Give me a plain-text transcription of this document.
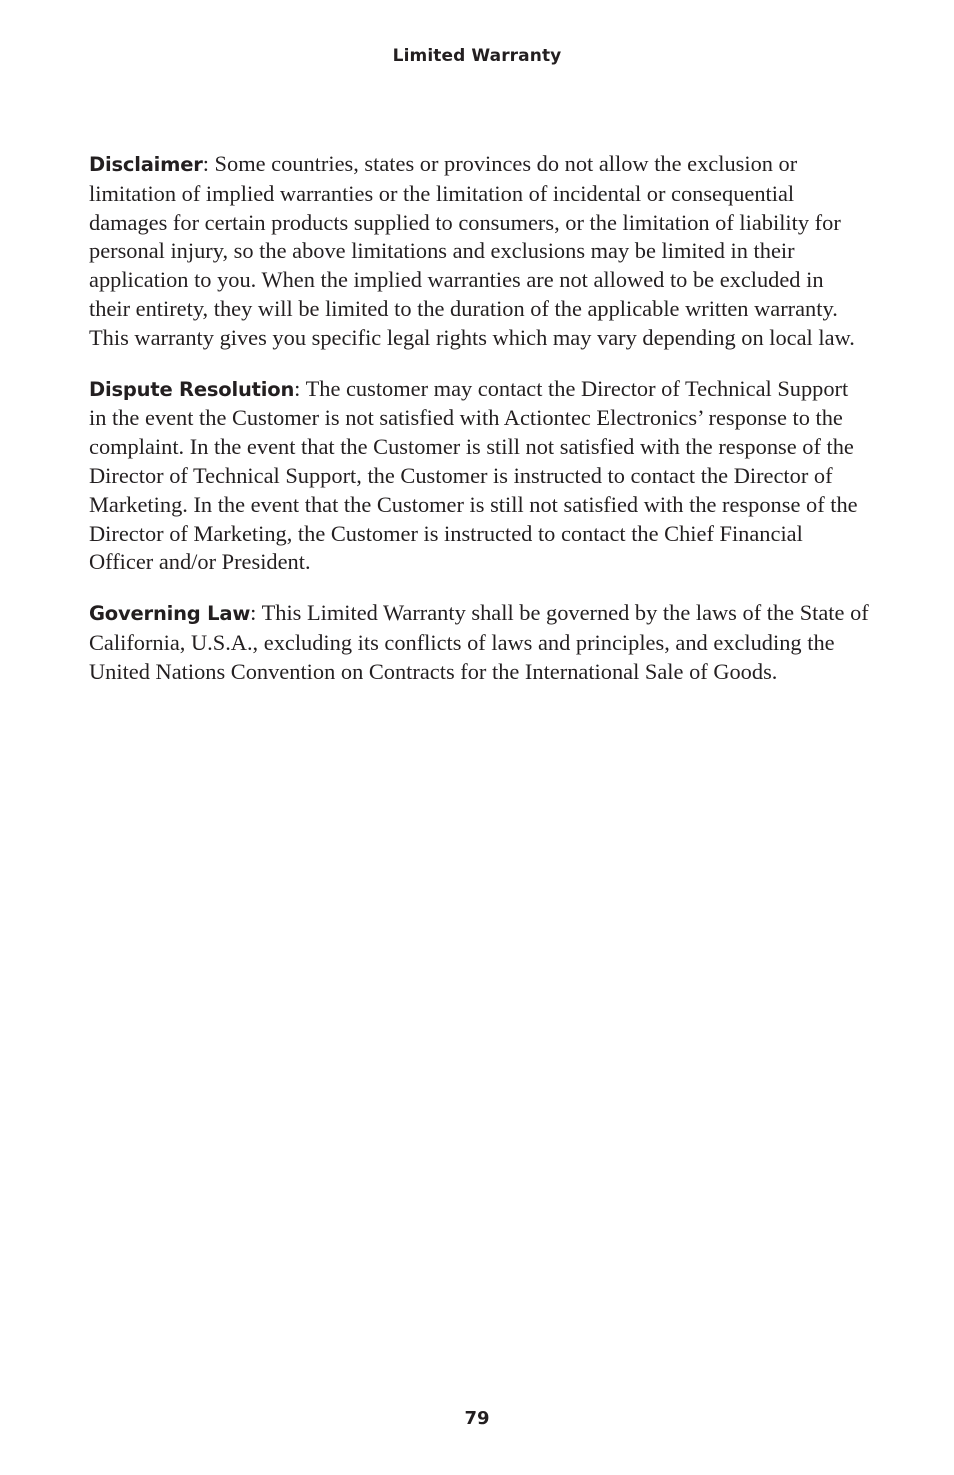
Limited Warranty

Disclaimer: Some countries, states or provinces do not allow the exclusion or limitation of implied warranties or the limitation of incidental or consequential damages for certain products supplied to consumers, or the limitation of liability for personal injury, so the above limitations and exclusions may be limited in their application to you. When the implied warranties are not allowed to be excluded in their entirety, they will be limited to the duration of the applicable written warranty. This warranty gives you specific legal rights which may vary depending on local law.

Dispute Resolution: The customer may contact the Director of Technical Support in the event the Customer is not satisfied with Actiontec Electronics’ response to the complaint. In the event that the Customer is still not satisfied with the response of the Director of Technical Support, the Customer is instructed to contact the Director of Marketing. In the event that the Customer is still not satisfied with the response of the Director of Marketing, the Customer is instructed to contact the Chief Financial Officer and/or President.

Governing Law: This Limited Warranty shall be governed by the laws of the State of California, U.S.A., excluding its conflicts of laws and principles, and excluding the United Nations Convention on Contracts for the International Sale of Goods.

79
